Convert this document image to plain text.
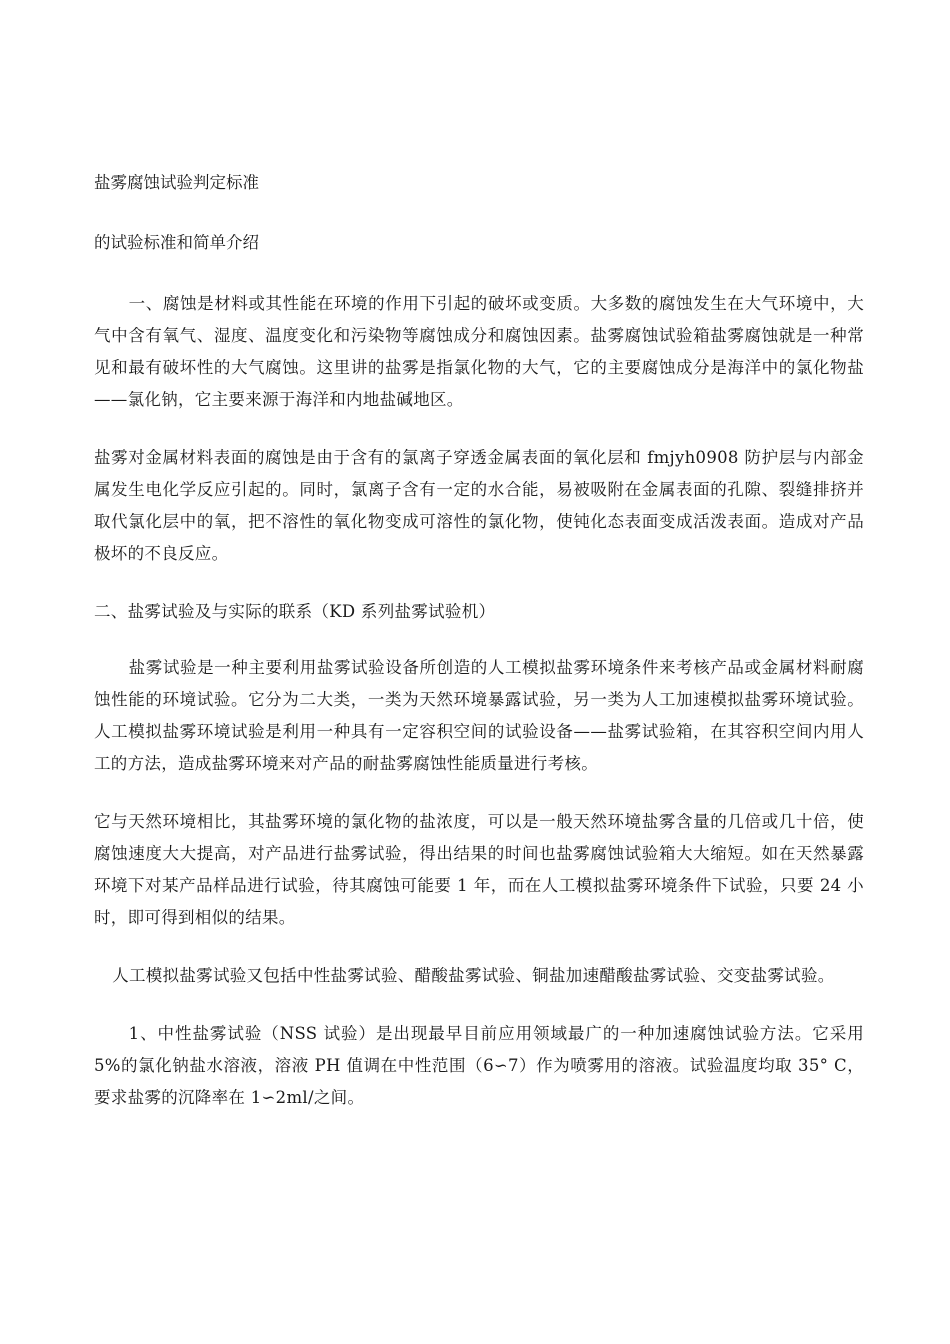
盐雾腐蚀试验判定标准
的试验标准和简单介绍

一、腐蚀是材料或其性能在环境的作用下引起的破坏或变质。大多数的腐蚀发生在大气环境中，大气中含有氧气、湿度、温度变化和污染物等腐蚀成分和腐蚀因素。盐雾腐蚀试验箱盐雾腐蚀就是一种常见和最有破坏性的大气腐蚀。这里讲的盐雾是指氯化物的大气，它的主要腐蚀成分是海洋中的氯化物盐——氯化钠，它主要来源于海洋和内地盐碱地区。

盐雾对金属材料表面的腐蚀是由于含有的氯离子穿透金属表面的氧化层和 fmjyh0908 防护层与内部金属发生电化学反应引起的。同时，氯离子含有一定的水合能，易被吸附在金属表面的孔隙、裂缝排挤并取代氯化层中的氧，把不溶性的氧化物变成可溶性的氯化物，使钝化态表面变成活泼表面。造成对产品极坏的不良反应。

二、盐雾试验及与实际的联系（KD 系列盐雾试验机）

盐雾试验是一种主要利用盐雾试验设备所创造的人工模拟盐雾环境条件来考核产品或金属材料耐腐蚀性能的环境试验。它分为二大类，一类为天然环境暴露试验，另一类为人工加速模拟盐雾环境试验。人工模拟盐雾环境试验是利用一种具有一定容积空间的试验设备——盐雾试验箱，在其容积空间内用人工的方法，造成盐雾环境来对产品的耐盐雾腐蚀性能质量进行考核。

它与天然环境相比，其盐雾环境的氯化物的盐浓度，可以是一般天然环境盐雾含量的几倍或几十倍，使腐蚀速度大大提高，对产品进行盐雾试验，得出结果的时间也盐雾腐蚀试验箱大大缩短。如在天然暴露环境下对某产品样品进行试验，待其腐蚀可能要 1 年，而在人工模拟盐雾环境条件下试验，只要 24 小时，即可得到相似的结果。

人工模拟盐雾试验又包括中性盐雾试验、醋酸盐雾试验、铜盐加速醋酸盐雾试验、交变盐雾试验。

1、中性盐雾试验（NSS 试验）是出现最早目前应用领域最广的一种加速腐蚀试验方法。它采用 5%的氯化钠盐水溶液，溶液 PH 值调在中性范围（6∽7）作为喷雾用的溶液。试验温度均取 35° C，要求盐雾的沉降率在 1∽2ml/之间。
